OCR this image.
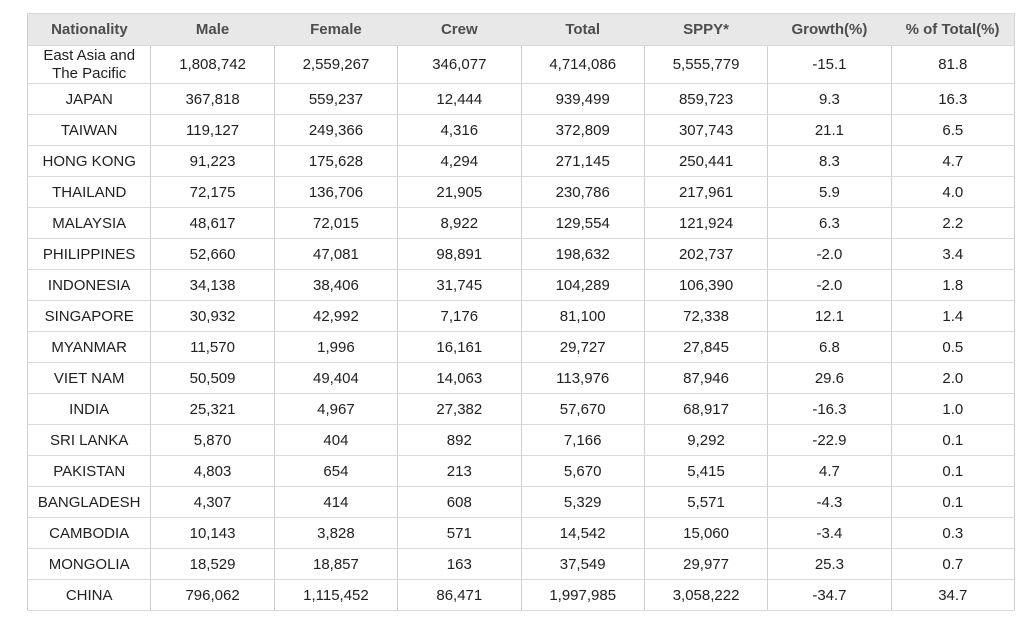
Nationality	Male	Female	Crew	Total	SPPY*	Growth(%)	% of Total(%)
East Asia and The Pacific	1,808,742	2,559,267	346,077	4,714,086	5,555,779	-15.1	81.8
JAPAN	367,818	559,237	12,444	939,499	859,723	9.3	16.3
TAIWAN	119,127	249,366	4,316	372,809	307,743	21.1	6.5
HONG KONG	91,223	175,628	4,294	271,145	250,441	8.3	4.7
THAILAND	72,175	136,706	21,905	230,786	217,961	5.9	4.0
MALAYSIA	48,617	72,015	8,922	129,554	121,924	6.3	2.2
PHILIPPINES	52,660	47,081	98,891	198,632	202,737	-2.0	3.4
INDONESIA	34,138	38,406	31,745	104,289	106,390	-2.0	1.8
SINGAPORE	30,932	42,992	7,176	81,100	72,338	12.1	1.4
MYANMAR	11,570	1,996	16,161	29,727	27,845	6.8	0.5
VIET NAM	50,509	49,404	14,063	113,976	87,946	29.6	2.0
INDIA	25,321	4,967	27,382	57,670	68,917	-16.3	1.0
SRI LANKA	5,870	404	892	7,166	9,292	-22.9	0.1
PAKISTAN	4,803	654	213	5,670	5,415	4.7	0.1
BANGLADESH	4,307	414	608	5,329	5,571	-4.3	0.1
CAMBODIA	10,143	3,828	571	14,542	15,060	-3.4	0.3
MONGOLIA	18,529	18,857	163	37,549	29,977	25.3	0.7
CHINA	796,062	1,115,452	86,471	1,997,985	3,058,222	-34.7	34.7
